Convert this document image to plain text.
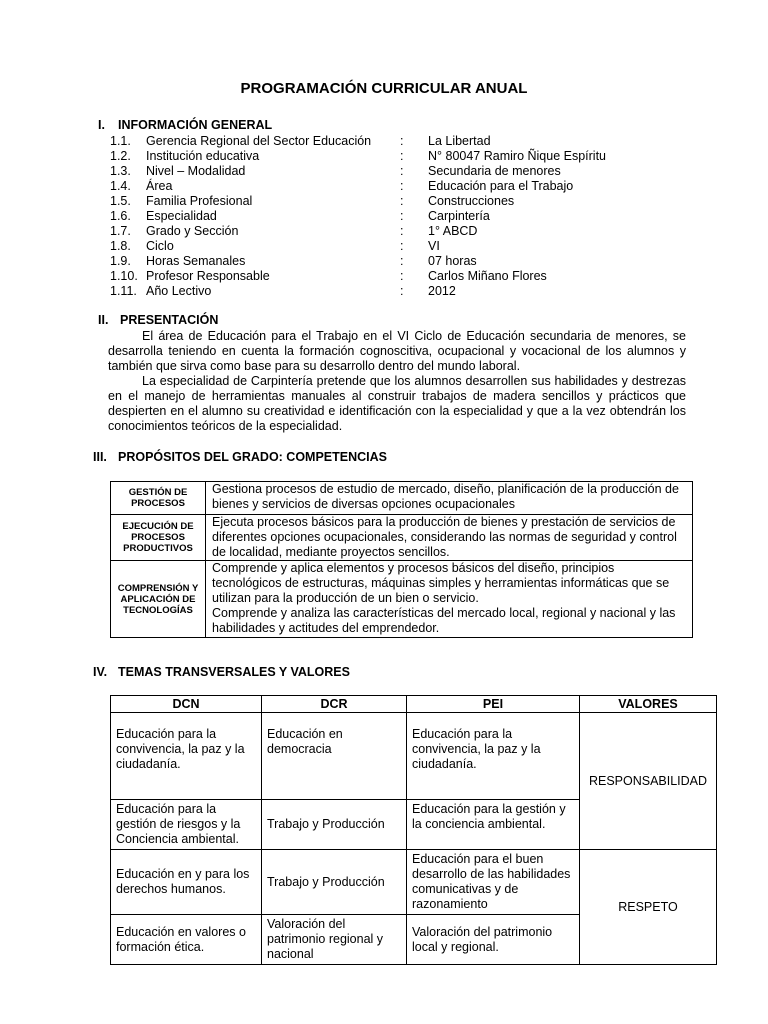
PROGRAMACIÓN CURRICULAR ANUAL
I. INFORMACIÓN GENERAL
1.1. Gerencia Regional del Sector Educación : La Libertad
1.2. Institución educativa	: N° 80047 Ramiro Ñique Espíritu
1.3. Nivel – Modalidad	: Secundaria de menores
1.4. Área	: Educación para el Trabajo
1.5. Familia Profesional	: Construcciones
1.6. Especialidad	: Carpintería
1.7. Grado y Sección	: 1° ABCD
1.8. Ciclo	: VI
1.9. Horas Semanales	: 07 horas
1.10. Profesor Responsable	: Carlos Miñano Flores
1.11. Año Lectivo	: 2012
II. PRESENTACIÓN

El área de Educación para el Trabajo en el VI Ciclo de Educación secundaria de menores, se desarrolla teniendo en cuenta la formación cognoscitiva, ocupacional y vocacional de los alumnos y también que sirva como base para su desarrollo dentro del mundo laboral.

La especialidad de Carpintería pretende que los alumnos desarrollen sus habilidades y destrezas en el manejo de herramientas manuales al construir trabajos de madera sencillos y prácticos que despierten en el alumno su creatividad e identificación con la especialidad y que a la vez obtendrán los conocimientos teóricos de la especialidad.

III. PROPÓSITOS DEL GRADO: COMPETENCIAS
GESTIÓN DE PROCESOS	Gestiona procesos de estudio de mercado, diseño, planificación de la producción de bienes y servicios de diversas opciones ocupacionales
EJECUCIÓN DE PROCESOS PRODUCTIVOS	Ejecuta procesos básicos para la producción de bienes y prestación de servicios de diferentes opciones ocupacionales, considerando las normas de seguridad y control de localidad, mediante proyectos sencillos.
COMPRENSIÓN Y APLICACIÓN DE TECNOLOGÍAS	Comprende y aplica elementos y procesos básicos del diseño, principios tecnológicos de estructuras, máquinas simples y herramientas informáticas que se utilizan para la producción de un bien o servicio.
Comprende y analiza las características del mercado local, regional y nacional y las habilidades y actitudes del emprendedor.
IV. TEMAS TRANSVERSALES Y VALORES
DCN	DCR	PEI	VALORES
Educación para la convivencia, la paz y la ciudadanía.	Educación en democracia	Educación para la convivencia, la paz y la ciudadanía.	RESPONSABILIDAD
Educación para la gestión de riesgos y la Conciencia ambiental.	Trabajo y Producción	Educación para la gestión y la conciencia ambiental.	
Educación en y para los derechos humanos.	Trabajo y Producción	Educación para el buen desarrollo de las habilidades comunicativas y de razonamiento	RESPETO
Educación en valores o formación ética.	Valoración del patrimonio regional y nacional	Valoración del patrimonio local y regional.	
